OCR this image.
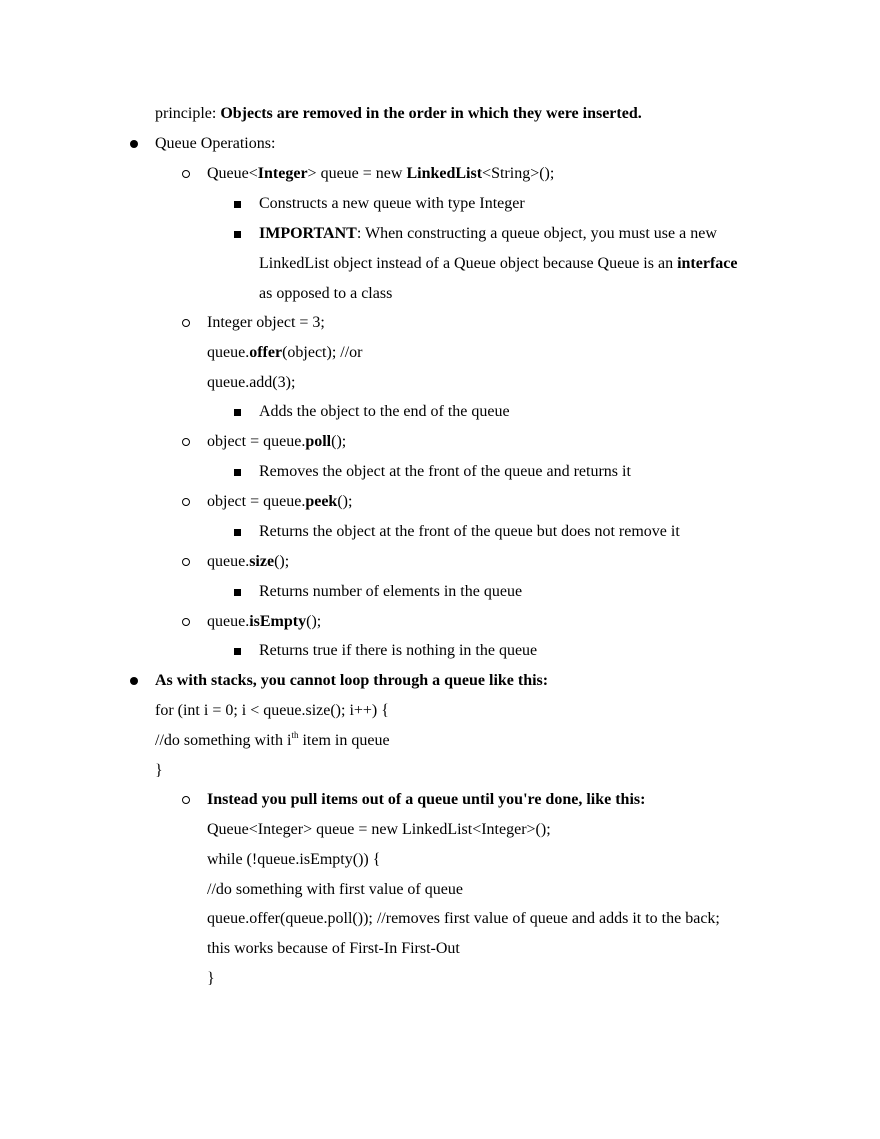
principle: Objects are removed in the order in which they were inserted.
Queue Operations:
Queue<Integer> queue = new LinkedList<String>();
Constructs a new queue with type Integer
IMPORTANT: When constructing a queue object, you must use a new
LinkedList object instead of a Queue object because Queue is an interface
as opposed to a class
Integer object = 3;
queue.offer(object); //or
queue.add(3);
Adds the object to the end of the queue
object = queue.poll();
Removes the object at the front of the queue and returns it
object = queue.peek();
Returns the object at the front of the queue but does not remove it
queue.size();
Returns number of elements in the queue
queue.isEmpty();
Returns true if there is nothing in the queue
As with stacks, you cannot loop through a queue like this:
for (int i = 0; i < queue.size(); i++) {
//do something with $i^{th}$ item in queue
}
Instead you pull items out of a queue until you're done, like this:
Queue<Integer> queue = new LinkedList<Integer>();
while (!queue.isEmpty()) {
//do something with first value of queue
queue.offer(queue.poll()); //removes first value of queue and adds it to the back;
this works because of First-In First-Out
}
